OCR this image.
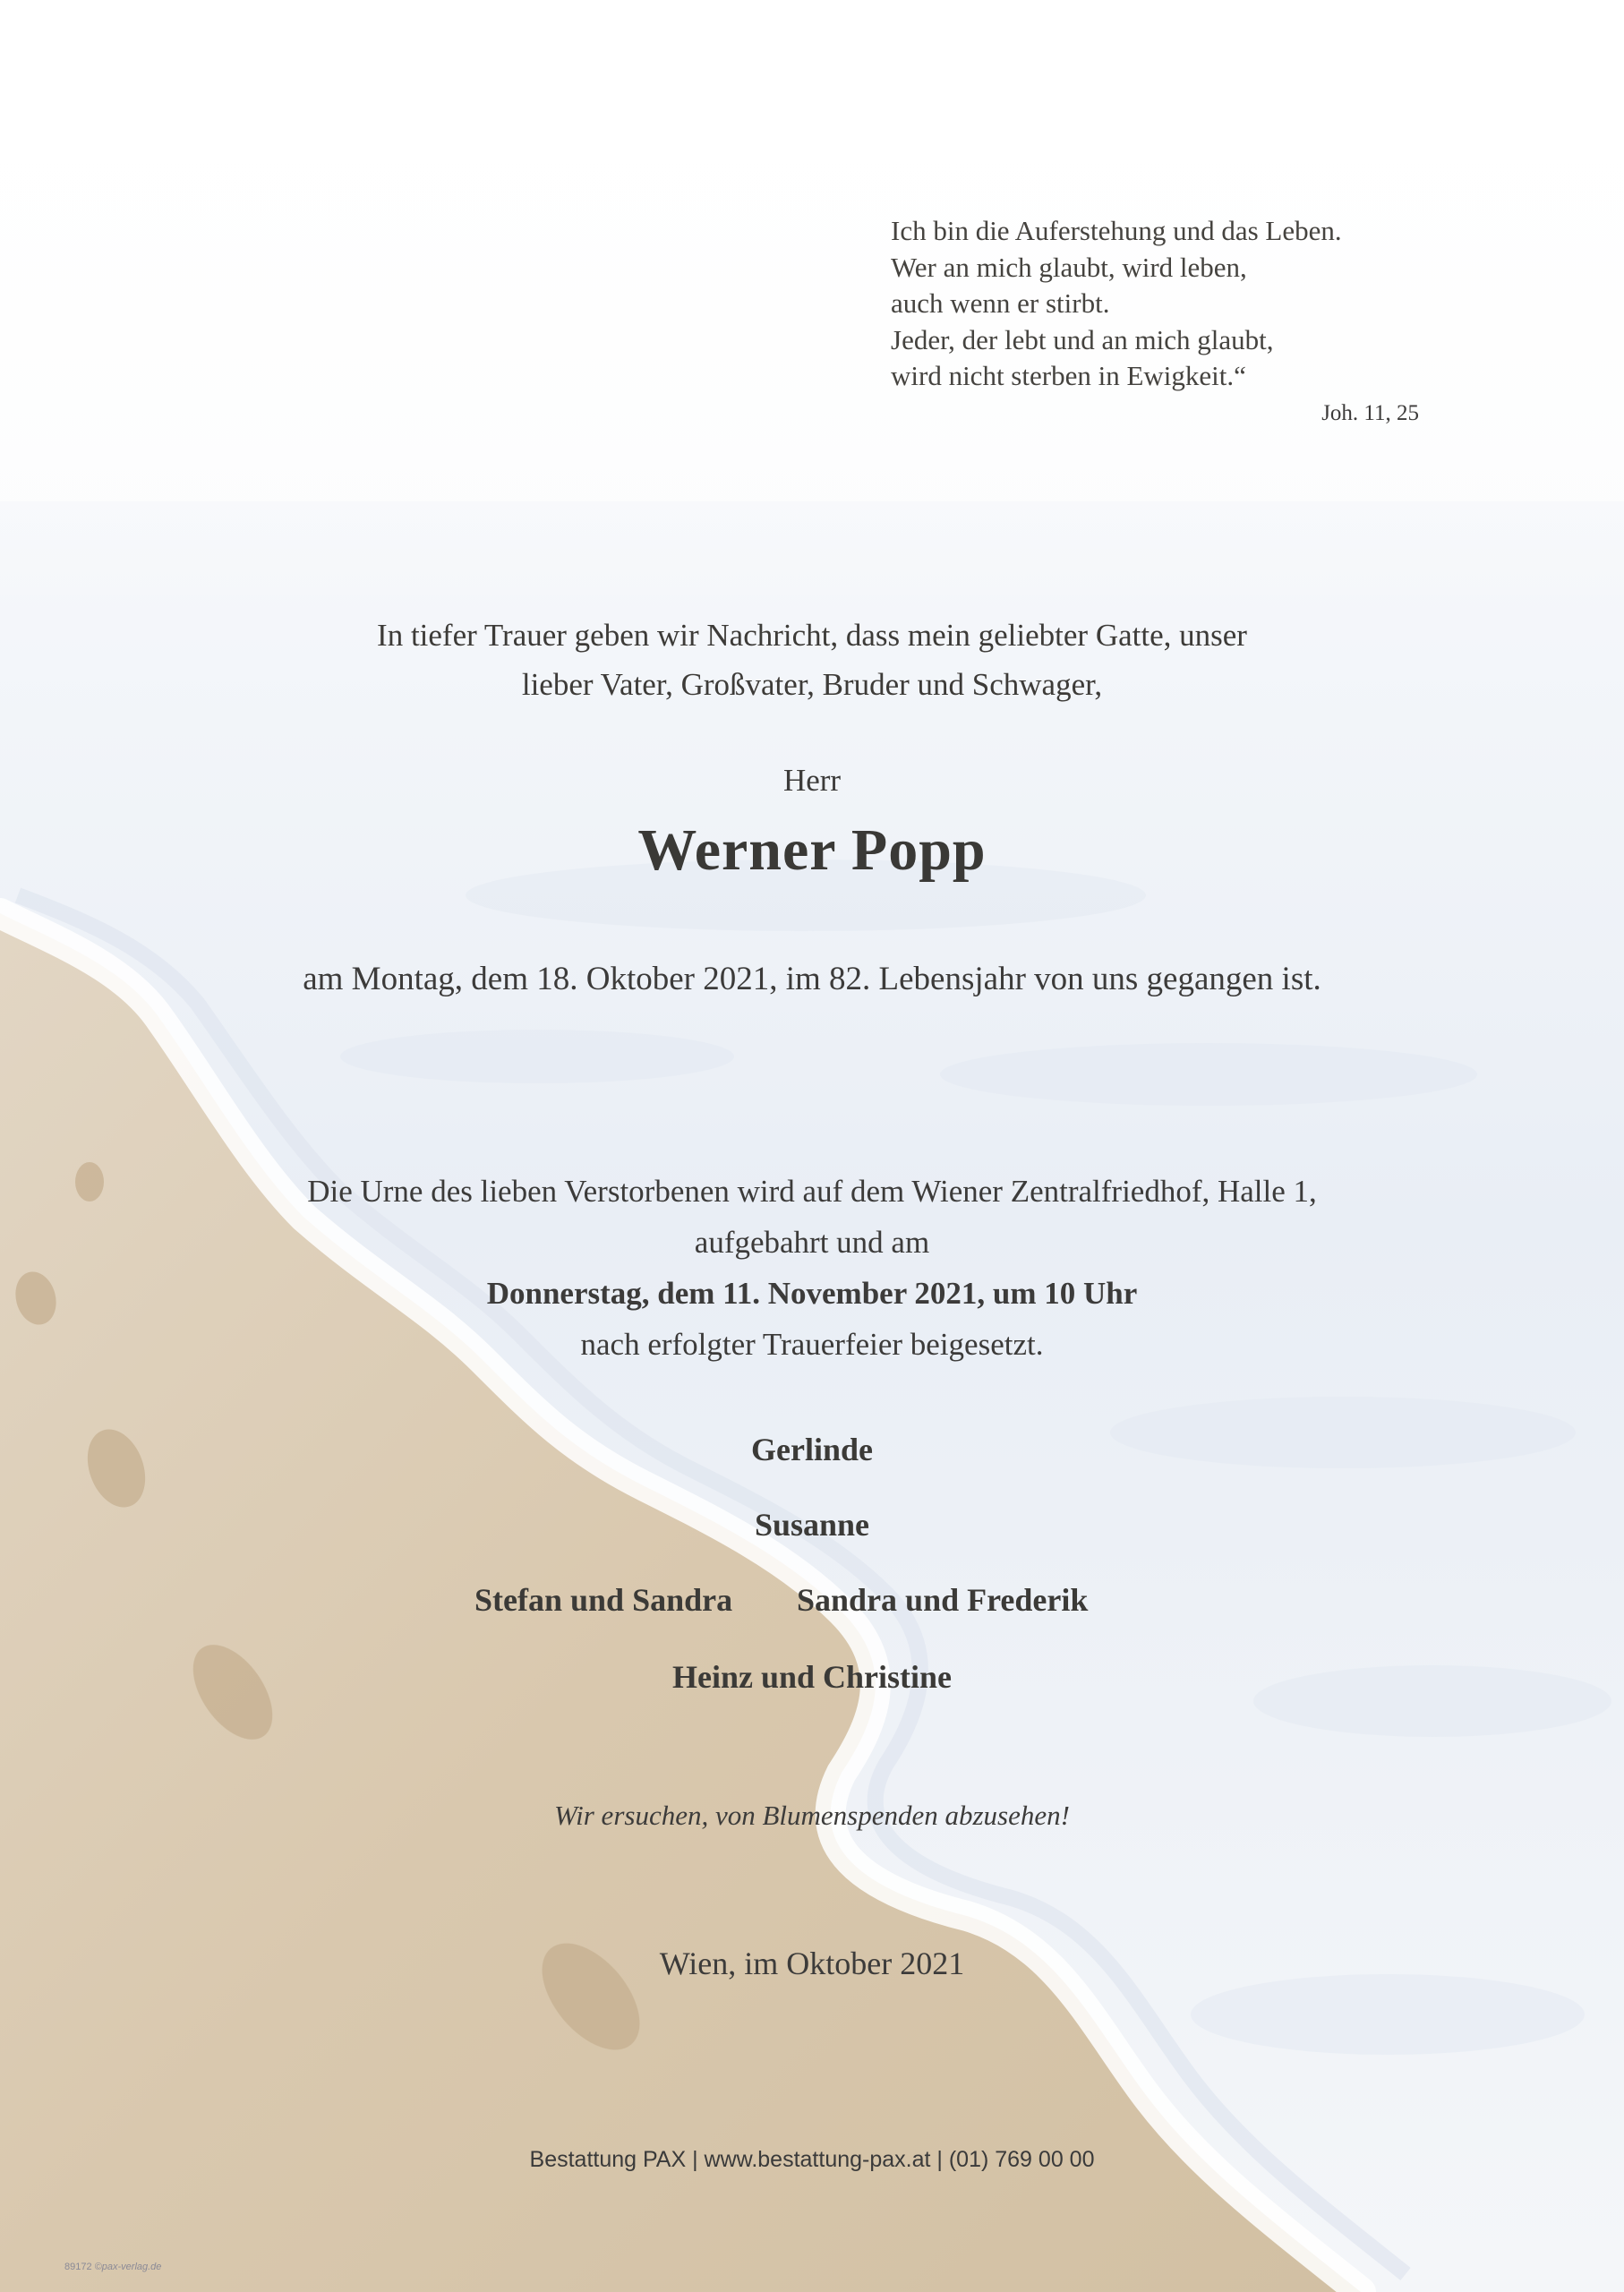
Ich bin die Auferstehung und das Leben.
Wer an mich glaubt, wird leben,
auch wenn er stirbt.
Jeder, der lebt und an mich glaubt,
wird nicht sterben in Ewigkeit.“
Joh. 11, 25
In tiefer Trauer geben wir Nachricht, dass mein geliebter Gatte, unser
lieber Vater, Großvater, Bruder und Schwager,
Herr
Werner Popp
am Montag, dem 18. Oktober 2021, im 82. Lebensjahr von uns gegangen ist.
Die Urne des lieben Verstorbenen wird auf dem Wiener Zentralfriedhof, Halle 1,
aufgebahrt und am
Donnerstag, dem 11. November 2021, um 10 Uhr
nach erfolgter Trauerfeier beigesetzt.
Gerlinde
Susanne
Stefan und Sandra Sandra und Frederik
Heinz und Christine
Wir ersuchen, von Blumenspenden abzusehen!
Wien, im Oktober 2021
Bestattung PAX | www.bestattung-pax.at | (01) 769 00 00
89172 ©pax-verlag.de
